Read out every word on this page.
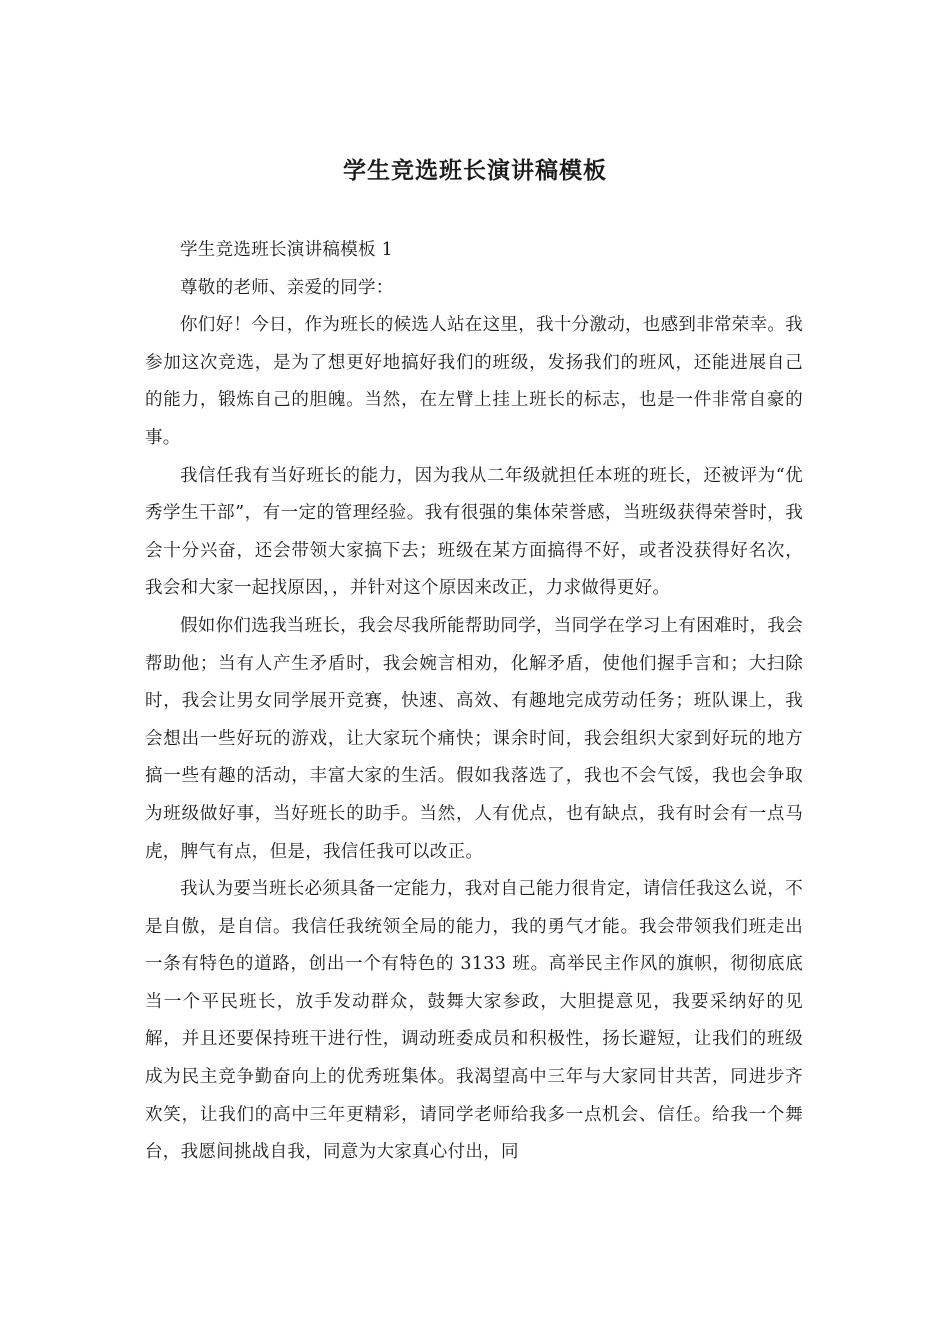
学生竞选班长演讲稿模板

学生竞选班长演讲稿模板 1

尊敬的老师、亲爱的同学：

你们好！今日，作为班长的候选人站在这里，我十分激动，也感到非常荣幸。我参加这次竞选，是为了想更好地搞好我们的班级，发扬我们的班风，还能进展自己的能力，锻炼自己的胆魄。当然，在左臂上挂上班长的标志，也是一件非常自豪的事。

我信任我有当好班长的能力，因为我从二年级就担任本班的班长，还被评为“优秀学生干部”，有一定的管理经验。我有很强的集体荣誉感，当班级获得荣誉时，我会十分兴奋，还会带领大家搞下去；班级在某方面搞得不好，或者没获得好名次，我会和大家一起找原因，，并针对这个原因来改正，力求做得更好。

假如你们选我当班长，我会尽我所能帮助同学，当同学在学习上有困难时，我会帮助他；当有人产生矛盾时，我会婉言相劝，化解矛盾，使他们握手言和；大扫除时，我会让男女同学展开竞赛，快速、高效、有趣地完成劳动任务；班队课上，我会想出一些好玩的游戏，让大家玩个痛快；课余时间，我会组织大家到好玩的地方搞一些有趣的活动，丰富大家的生活。假如我落选了，我也不会气馁，我也会争取为班级做好事，当好班长的助手。当然，人有优点，也有缺点，我有时会有一点马虎，脾气有点，但是，我信任我可以改正。

我认为要当班长必须具备一定能力，我对自己能力很肯定，请信任我这么说，不是自傲，是自信。我信任我统领全局的能力，我的勇气才能。我会带领我们班走出一条有特色的道路，创出一个有特色的 3133 班。高举民主作风的旗帜，彻彻底底当一个平民班长，放手发动群众，鼓舞大家参政，大胆提意见，我要采纳好的见解，并且还要保持班干进行性，调动班委成员和积极性，扬长避短，让我们的班级成为民主竞争勤奋向上的优秀班集体。我渴望高中三年与大家同甘共苦，同进步齐欢笑，让我们的高中三年更精彩，请同学老师给我多一点机会、信任。给我一个舞台，我愿间挑战自我，同意为大家真心付出，同
